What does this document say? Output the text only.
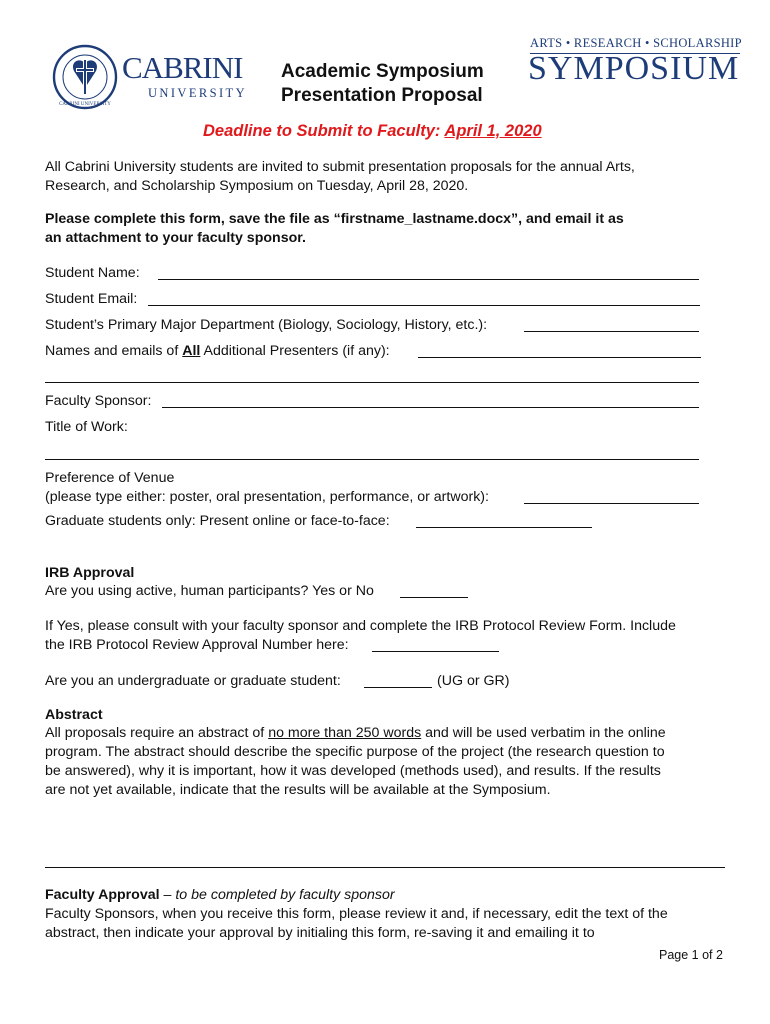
CABRINI UNIVERSITY
CABRINI
UNIVERSITY
Academic Symposium
Presentation Proposal
ARTS • RESEARCH • SCHOLARSHIP
SYMPOSIUM
Deadline to Submit to Faculty: April 1, 2020
All Cabrini University students are invited to submit presentation proposals for the annual Arts,
Research, and Scholarship Symposium on Tuesday, April 28, 2020.
Please complete this form, save the file as “firstname_lastname.docx”, and email it as
an attachment to your faculty sponsor.
Student Name:
Student Email:
Student’s Primary Major Department (Biology, Sociology, History, etc.):
Names and emails of All Additional Presenters (if any):
Faculty Sponsor:
Title of Work:
Preference of Venue
(please type either: poster, oral presentation, performance, or artwork):
Graduate students only: Present online or face-to-face:
IRB Approval
Are you using active, human participants? Yes or No
If Yes, please consult with your faculty sponsor and complete the IRB Protocol Review Form. Include
the IRB Protocol Review Approval Number here:
Are you an undergraduate or graduate student:	(UG or GR)
Abstract
All proposals require an abstract of no more than 250 words and will be used verbatim in the online
program. The abstract should describe the specific purpose of the project (the research question to
be answered), why it is important, how it was developed (methods used), and results. If the results
are not yet available, indicate that the results will be available at the Symposium.
Faculty Approval – to be completed by faculty sponsor
Faculty Sponsors, when you receive this form, please review it and, if necessary, edit the text of the
abstract, then indicate your approval by initialing this form, re-saving it and emailing it to
Page 1 of 2
